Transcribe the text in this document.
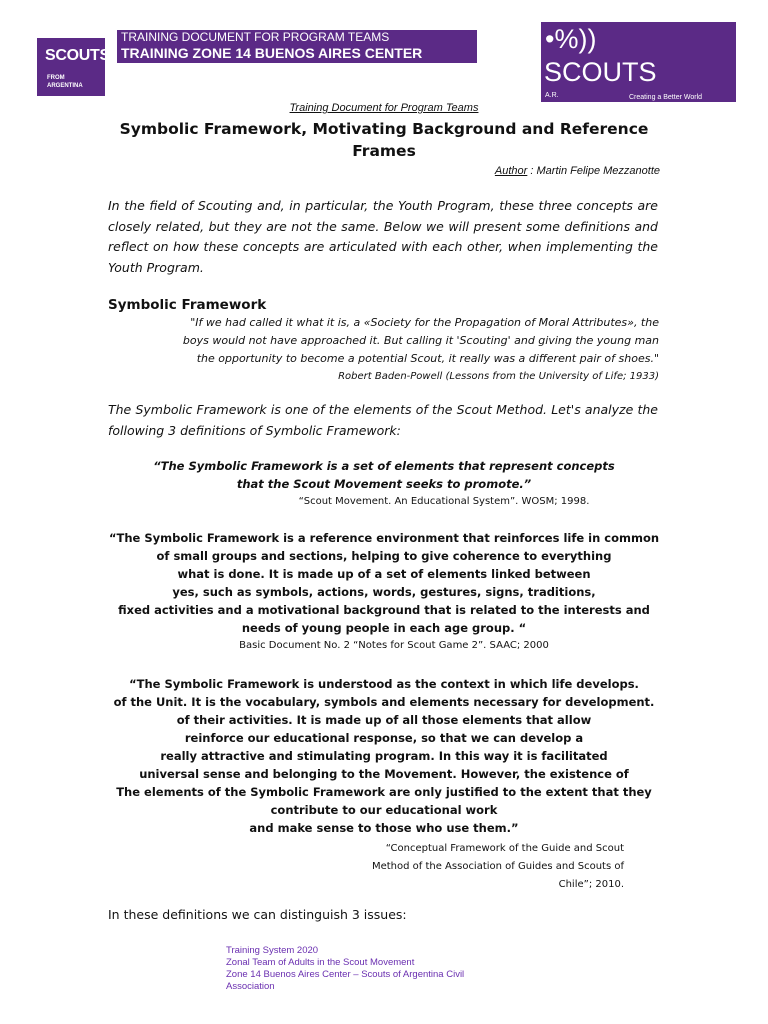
SCOUTS
FROM
ARGENTINA
TRAINING DOCUMENT FOR PROGRAM TEAMS
TRAINING ZONE 14 BUENOS AIRES CENTER	•%))
SCOUTS
A.R.	Creating a Better World
Training Document for Program Teams
Symbolic Framework, Motivating Background and Reference
Frames
Author : Martin Felipe Mezzanotte
In the field of Scouting and, in particular, the Youth Program, these three concepts are closely related, but they are not the same. Below we will present some definitions and reflect on how these concepts are articulated with each other, when implementing the Youth Program.
Symbolic Framework
"If we had called it what it is, a «Society for the Propagation of Moral Attributes», the
boys would not have approached it. But calling it 'Scouting' and giving the young man
the opportunity to become a potential Scout, it really was a different pair of shoes."
Robert Baden-Powell (Lessons from the University of Life; 1933)
The Symbolic Framework is one of the elements of the Scout Method. Let's analyze the following 3 definitions of Symbolic Framework:
“The Symbolic Framework is a set of elements that represent concepts
that the Scout Movement seeks to promote.”
“Scout Movement. An Educational System”. WOSM; 1998.
“The Symbolic Framework is a reference environment that reinforces life in common
of small groups and sections, helping to give coherence to everything
what is done. It is made up of a set of elements linked between
yes, such as symbols, actions, words, gestures, signs, traditions,
fixed activities and a motivational background that is related to the interests and
needs of young people in each age group. “
Basic Document No. 2 “Notes for Scout Game 2”. SAAC; 2000
“The Symbolic Framework is understood as the context in which life develops.
of the Unit. It is the vocabulary, symbols and elements necessary for development.
of their activities. It is made up of all those elements that allow
reinforce our educational response, so that we can develop a
really attractive and stimulating program. In this way it is facilitated
universal sense and belonging to the Movement. However, the existence of
The elements of the Symbolic Framework are only justified to the extent that they
contribute to our educational work
and make sense to those who use them.”
“Conceptual Framework of the Guide and Scout
Method of the Association of Guides and Scouts of
Chile”; 2010.
In these definitions we can distinguish 3 issues:
Training System 2020
Zonal Team of Adults in the Scout Movement
Zone 14 Buenos Aires Center – Scouts of Argentina Civil
Association
